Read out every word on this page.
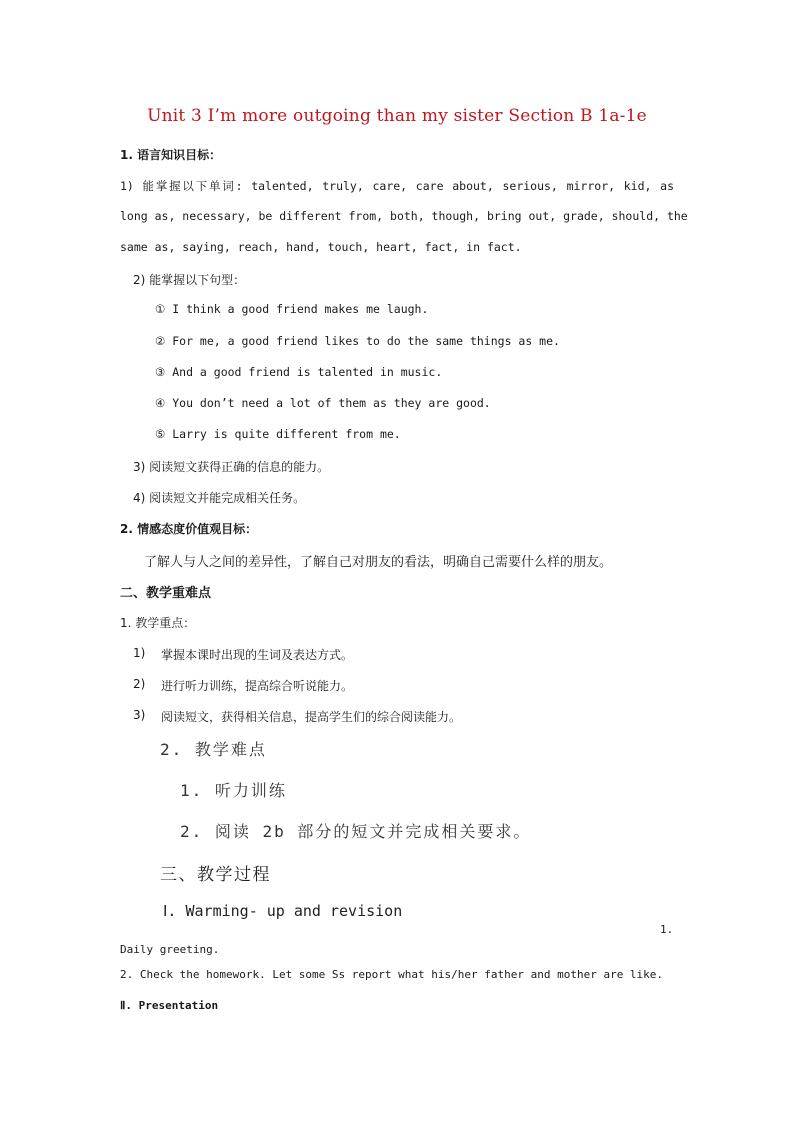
Unit 3 I’m more outgoing than my sister Section B 1a-1e
1. 语言知识目标：
1) 能掌握以下单词: talented, truly, care, care about, serious, mirror, kid, as
long as, necessary, be different from, both, though, bring out, grade, should, the
same as, saying, reach, hand, touch, heart, fact, in fact.
2) 能掌握以下句型：
① I think a good friend makes me laugh.
② For me, a good friend likes to do the same things as me.
③ And a good friend is talented in music.
④ You don’t need a lot of them as they are good.
⑤ Larry is quite different from me.
3) 阅读短文获得正确的信息的能力。
4) 阅读短文并能完成相关任务。
2. 情感态度价值观目标：
了解人与人之间的差异性，了解自己对朋友的看法，明确自己需要什么样的朋友。
二、教学重难点
1. 教学重点：
1) 掌握本课时出现的生词及表达方式。
2) 进行听力训练，提高综合听说能力。
3) 阅读短文，获得相关信息，提高学生们的综合阅读能力。
2. 教学难点
1. 听力训练
2. 阅读 2b 部分的短文并完成相关要求。
三、教学过程
Ⅰ. Warming- up and revision
1.
Daily greeting.
2. Check the homework. Let some Ss report what his/her father and mother are like.
Ⅱ. Presentation
